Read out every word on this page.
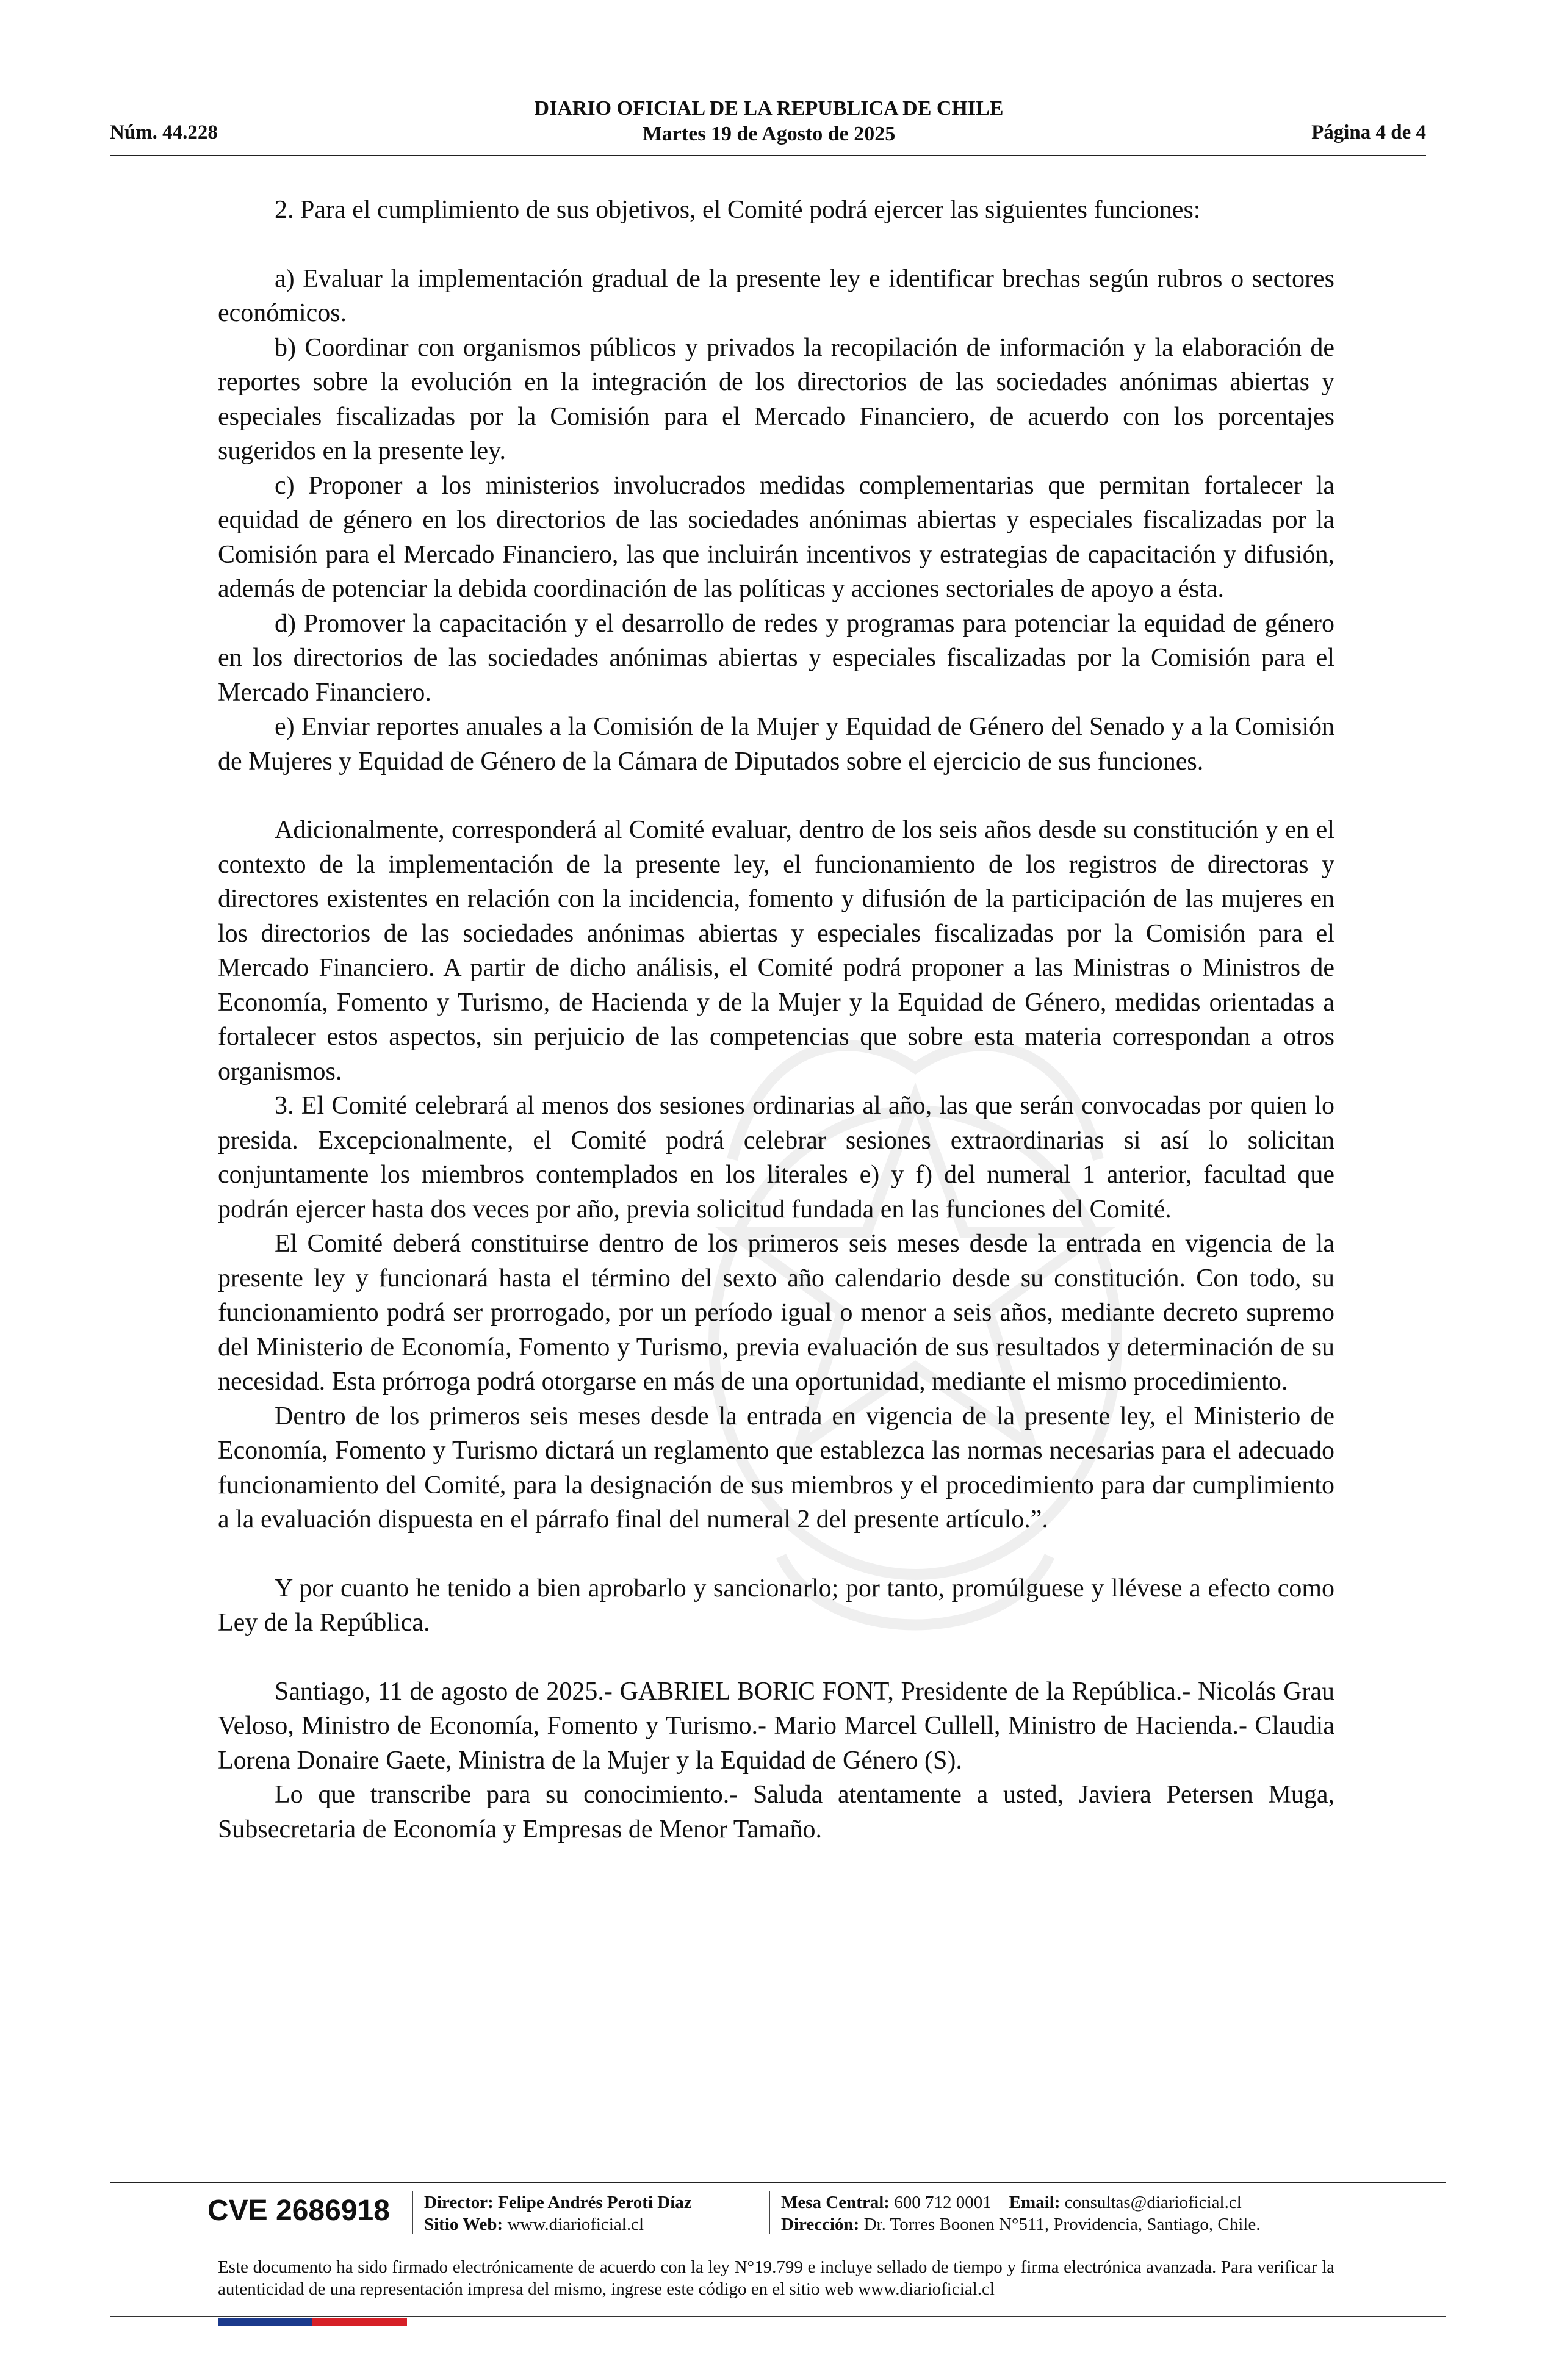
Núm. 44.228
DIARIO OFICIAL DE LA REPUBLICA DE CHILE
Martes 19 de Agosto de 2025	Página 4 de 4

2. Para el cumplimiento de sus objetivos, el Comité podrá ejercer las siguientes funciones:

a) Evaluar la implementación gradual de la presente ley e identificar brechas según rubros o sectores económicos.

b) Coordinar con organismos públicos y privados la recopilación de información y la elaboración de reportes sobre la evolución en la integración de los directorios de las sociedades anónimas abiertas y especiales fiscalizadas por la Comisión para el Mercado Financiero, de acuerdo con los porcentajes sugeridos en la presente ley.

c) Proponer a los ministerios involucrados medidas complementarias que permitan fortalecer la equidad de género en los directorios de las sociedades anónimas abiertas y especiales fiscalizadas por la Comisión para el Mercado Financiero, las que incluirán incentivos y estrategias de capacitación y difusión, además de potenciar la debida coordinación de las políticas y acciones sectoriales de apoyo a ésta.

d) Promover la capacitación y el desarrollo de redes y programas para potenciar la equidad de género en los directorios de las sociedades anónimas abiertas y especiales fiscalizadas por la Comisión para el Mercado Financiero.

e) Enviar reportes anuales a la Comisión de la Mujer y Equidad de Género del Senado y a la Comisión de Mujeres y Equidad de Género de la Cámara de Diputados sobre el ejercicio de sus funciones.

Adicionalmente, corresponderá al Comité evaluar, dentro de los seis años desde su constitución y en el contexto de la implementación de la presente ley, el funcionamiento de los registros de directoras y directores existentes en relación con la incidencia, fomento y difusión de la participación de las mujeres en los directorios de las sociedades anónimas abiertas y especiales fiscalizadas por la Comisión para el Mercado Financiero. A partir de dicho análisis, el Comité podrá proponer a las Ministras o Ministros de Economía, Fomento y Turismo, de Hacienda y de la Mujer y la Equidad de Género, medidas orientadas a fortalecer estos aspectos, sin perjuicio de las competencias que sobre esta materia correspondan a otros organismos.

3. El Comité celebrará al menos dos sesiones ordinarias al año, las que serán convocadas por quien lo presida. Excepcionalmente, el Comité podrá celebrar sesiones extraordinarias si así lo solicitan conjuntamente los miembros contemplados en los literales e) y f) del numeral 1 anterior, facultad que podrán ejercer hasta dos veces por año, previa solicitud fundada en las funciones del Comité.

El Comité deberá constituirse dentro de los primeros seis meses desde la entrada en vigencia de la presente ley y funcionará hasta el término del sexto año calendario desde su constitución. Con todo, su funcionamiento podrá ser prorrogado, por un período igual o menor a seis años, mediante decreto supremo del Ministerio de Economía, Fomento y Turismo, previa evaluación de sus resultados y determinación de su necesidad. Esta prórroga podrá otorgarse en más de una oportunidad, mediante el mismo procedimiento.

Dentro de los primeros seis meses desde la entrada en vigencia de la presente ley, el Ministerio de Economía, Fomento y Turismo dictará un reglamento que establezca las normas necesarias para el adecuado funcionamiento del Comité, para la designación de sus miembros y el procedimiento para dar cumplimiento a la evaluación dispuesta en el párrafo final del numeral 2 del presente artículo.”.

Y por cuanto he tenido a bien aprobarlo y sancionarlo; por tanto, promúlguese y llévese a efecto como Ley de la República.

Santiago, 11 de agosto de 2025.- GABRIEL BORIC FONT, Presidente de la República.- Nicolás Grau Veloso, Ministro de Economía, Fomento y Turismo.- Mario Marcel Cullell, Ministro de Hacienda.- Claudia Lorena Donaire Gaete, Ministra de la Mujer y la Equidad de Género (S).

Lo que transcribe para su conocimiento.- Saluda atentamente a usted, Javiera Petersen Muga, Subsecretaria de Economía y Empresas de Menor Tamaño.

CVE 2686918 Director: Felipe Andrés Peroti Díaz
Sitio Web: www.diarioficial.cl
Mesa Central: 600 712 0001 Email: consultas@diarioficial.cl
Dirección: Dr. Torres Boonen N°511, Providencia, Santiago, Chile.
Este documento ha sido firmado electrónicamente de acuerdo con la ley N°19.799 e incluye sellado de tiempo y firma electrónica avanzada. Para verificar la autenticidad de una representación impresa del mismo, ingrese este código en el sitio web www.diarioficial.cl
